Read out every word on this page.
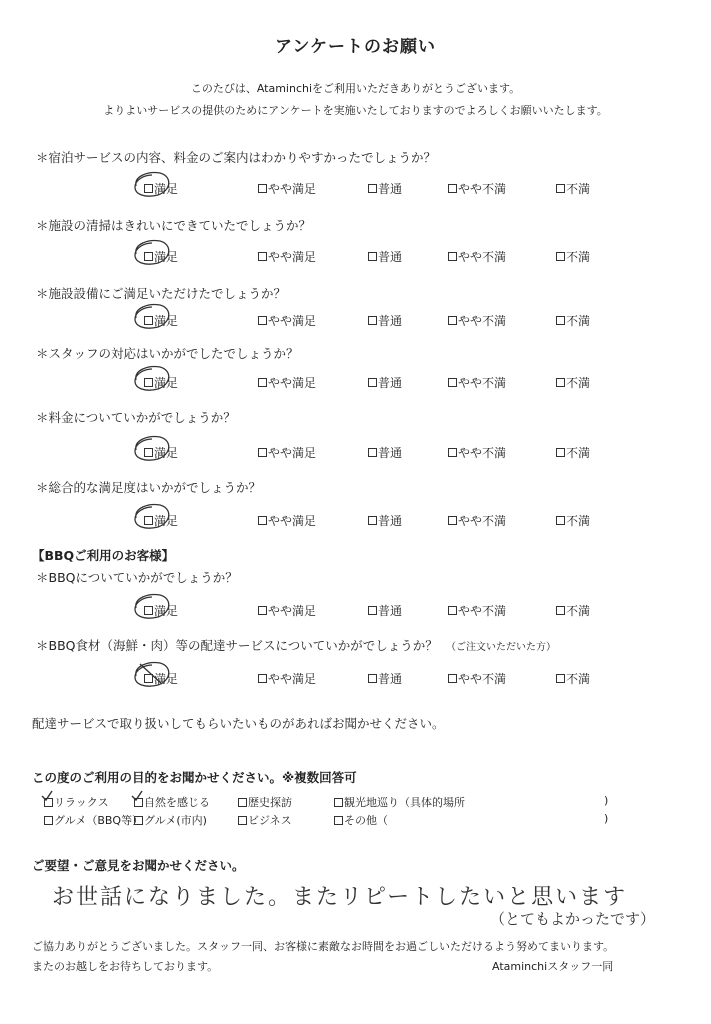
アンケートのお願い
このたびは、Ataminchiをご利用いただきありがとうございます。
よりよいサービスの提供のためにアンケートを実施いたしておりますのでよろしくお願いいたします。
＊宿泊サービスの内容、料金のご案内はわかりやすかったでしょうか？
満足	やや満足	普通	やや不満	不満
＊施設の清掃はきれいにできていたでしょうか？
満足	やや満足	普通	やや不満	不満
＊施設設備にご満足いただけたでしょうか？
満足	やや満足	普通	やや不満	不満
＊スタッフの対応はいかがでしたでしょうか？
満足	やや満足	普通	やや不満	不満
＊料金についていかがでしょうか？
満足	やや満足	普通	やや不満	不満
＊総合的な満足度はいかがでしょうか？
満足	やや満足	普通	やや不満	不満
＊BBQについていかがでしょうか？
満足	やや満足	普通	やや不満	不満
＊BBQ食材（海鮮・肉）等の配達サービスについていかがでしょうか？ （ご注文いただいた方）
満足	やや満足	普通	やや不満	不満
【BBQご利用のお客様】
配達サービスで取り扱いしてもらいたいものがあればお聞かせください。
この度のご利用の目的をお聞かせください。※複数回答可
リラックス	自然を感じる	歴史探訪	観光地巡り（具体的場所	)
グルメ（BBQ等） グルメ(市内)	ビジネス	その他（	)
ご要望・ご意見をお聞かせください。
お世話になりました。またリピートしたいと思います
（とてもよかったです）
ご協力ありがとうございました。スタッフ一同、お客様に素敵なお時間をお過ごしいただけるよう努めてまいります。
またのお越しをお待ちしております。	Ataminchiスタッフ一同
